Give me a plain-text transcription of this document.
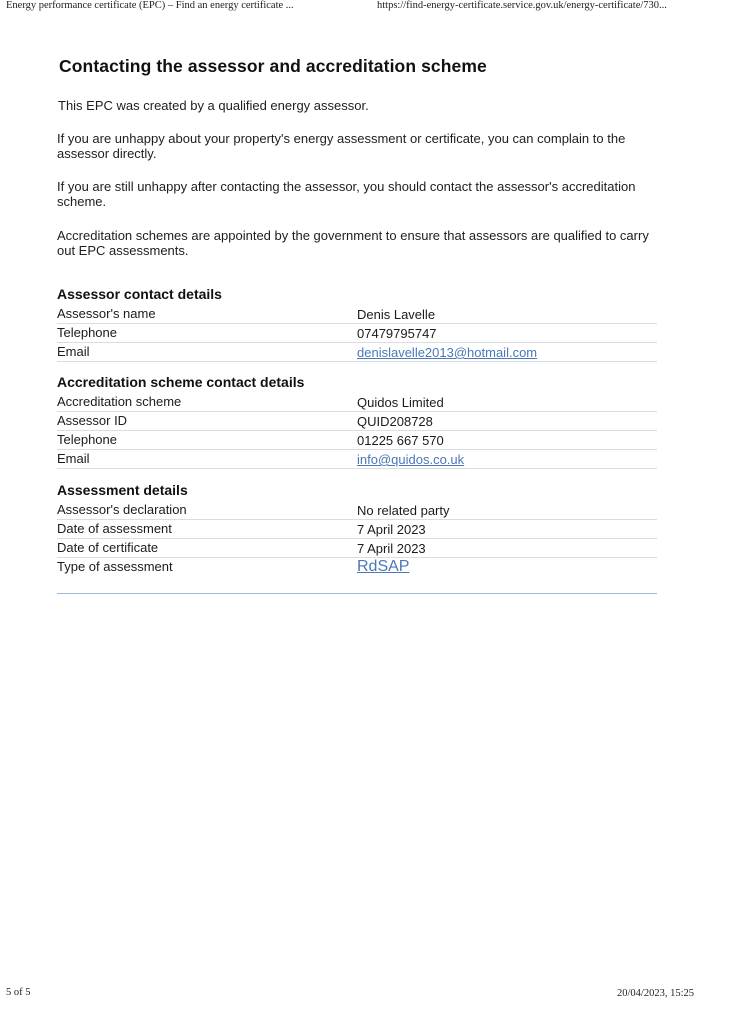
Energy performance certificate (EPC) – Find an energy certificate ...	https://find-energy-certificate.service.gov.uk/energy-certificate/730...
Contacting the assessor and accreditation scheme

This EPC was created by a qualified energy assessor.

If you are unhappy about your property's energy assessment or certificate, you can complain to the assessor directly.

If you are still unhappy after contacting the assessor, you should contact the assessor's accreditation scheme.

Accreditation schemes are appointed by the government to ensure that assessors are qualified to carry out EPC assessments.

Assessor contact details
Assessor's name	Denis Lavelle
Telephone	07479795747
Email	denislavelle2013@hotmail.com
Accreditation scheme contact details
Accreditation scheme	Quidos Limited
Assessor ID	QUID208728
Telephone	01225 667 570
Email	info@quidos.co.uk
Assessment details
Assessor's declaration	No related party
Date of assessment	7 April 2023
Date of certificate	7 April 2023
Type of assessment	RdSAP
5 of 5	20/04/2023, 15:25
